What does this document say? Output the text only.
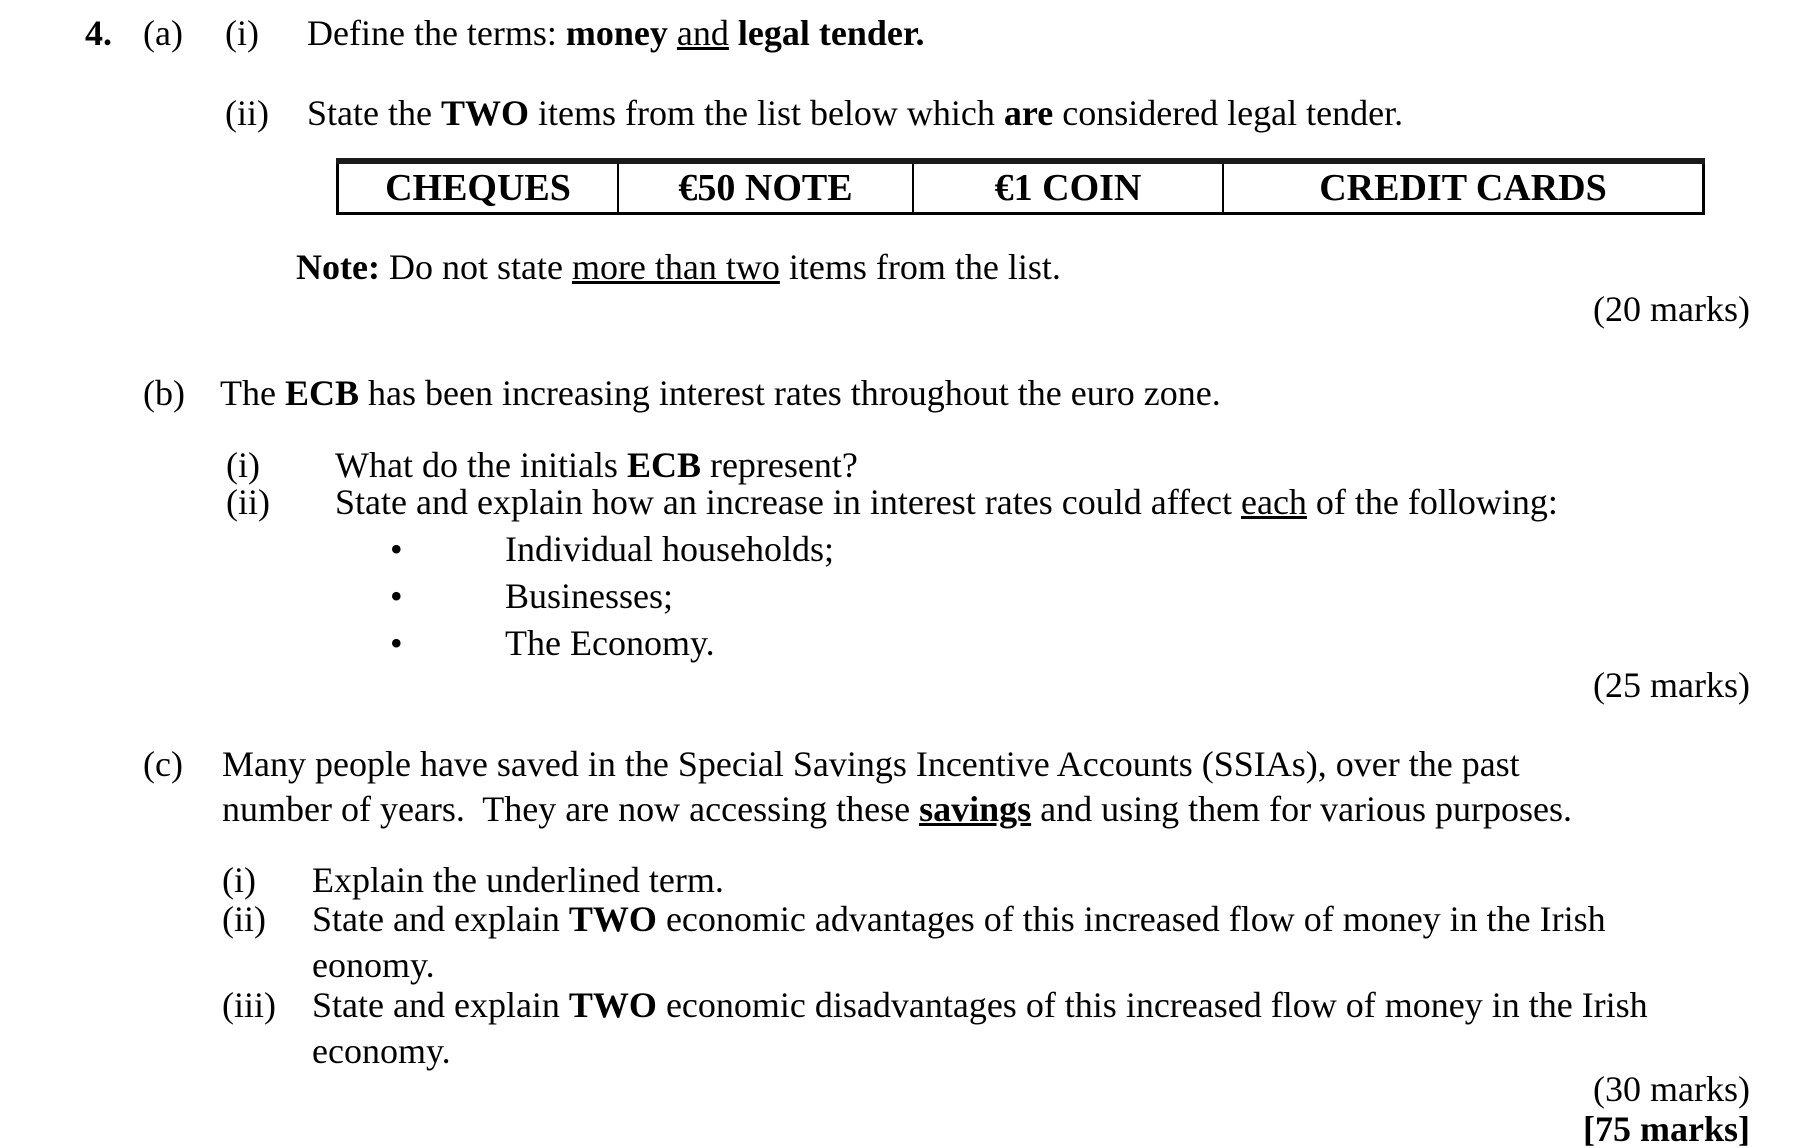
4. (a) (i) Define the terms: money and legal tender.
(ii) State the TWO items from the list below which are considered legal tender.
CHEQUES	€50 NOTE	€1 COIN	CREDIT CARDS
Note: Do not state more than two items from the list.
(20 marks)
(b) The ECB has been increasing interest rates throughout the euro zone.
(i) What do the initials ECB represent?
(ii) State and explain how an increase in interest rates could affect each of the following:
•	Individual households;
•	Businesses;
•	The Economy.
(25 marks)
(c) Many people have saved in the Special Savings Incentive Accounts (SSIAs), over the past
number of years.  They are now accessing these savings and using them for various purposes.
(i) Explain the underlined term.
(ii) State and explain TWO economic advantages of this increased flow of money in the Irish
eonomy.
(iii) State and explain TWO economic disadvantages of this increased flow of money in the Irish
economy.
(30 marks)
[75 marks]
